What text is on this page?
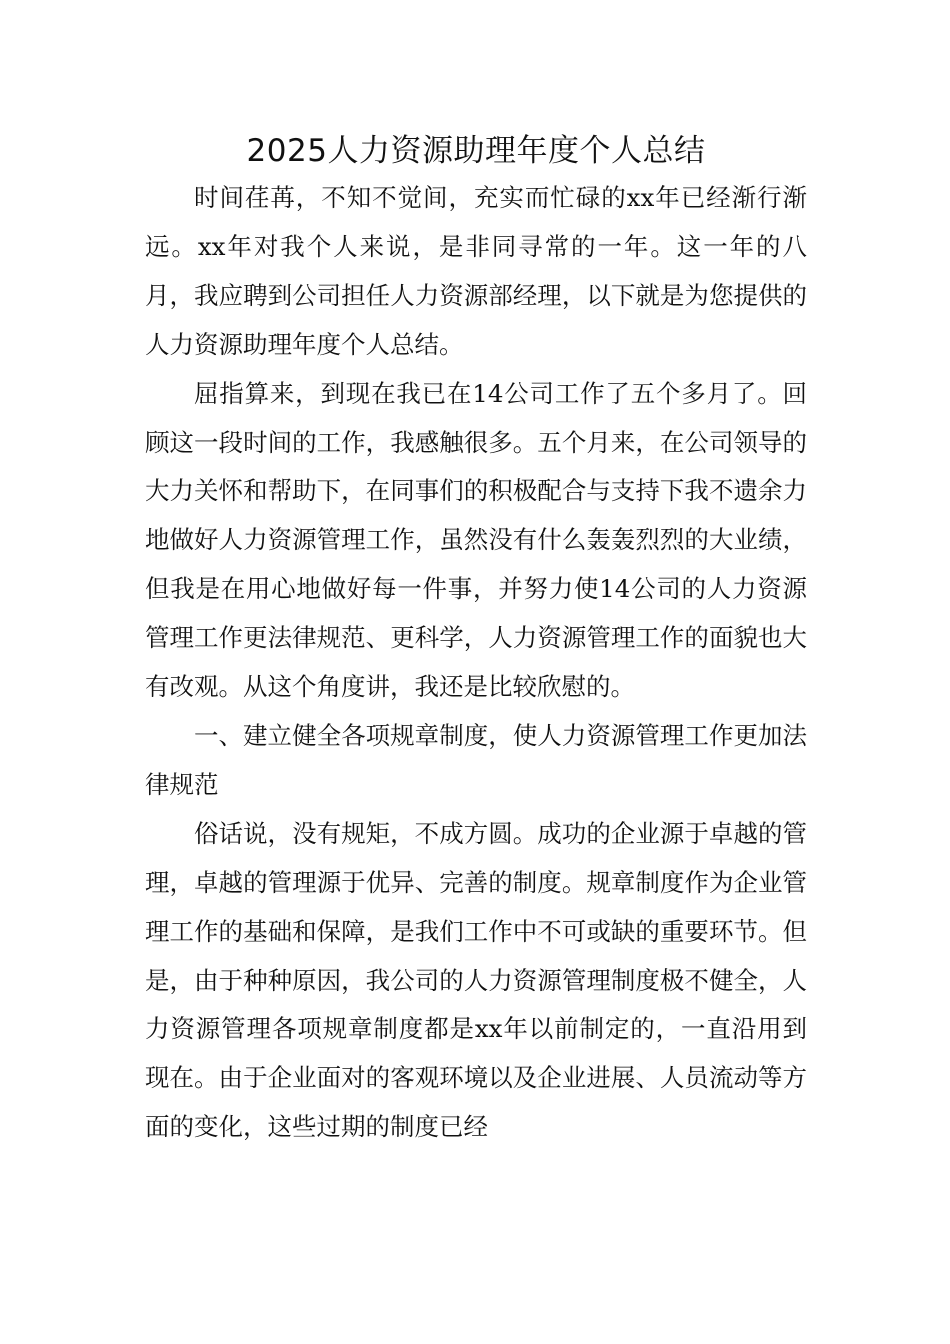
2025人力资源助理年度个人总结

时间荏苒，不知不觉间，充实而忙碌的xx年已经渐行渐远。xx年对我个人来说，是非同寻常的一年。这一年的八月，我应聘到公司担任人力资源部经理，以下就是为您提供的人力资源助理年度个人总结。

屈指算来，到现在我已在14公司工作了五个多月了。回顾这一段时间的工作，我感触很多。五个月来，在公司领导的大力关怀和帮助下，在同事们的积极配合与支持下我不遗余力地做好人力资源管理工作，虽然没有什么轰轰烈烈的大业绩，但我是在用心地做好每一件事，并努力使14公司的人力资源管理工作更法律规范、更科学，人力资源管理工作的面貌也大有改观。从这个角度讲，我还是比较欣慰的。

一、建立健全各项规章制度，使人力资源管理工作更加法律规范

俗话说，没有规矩，不成方圆。成功的企业源于卓越的管理，卓越的管理源于优异、完善的制度。规章制度作为企业管理工作的基础和保障，是我们工作中不可或缺的重要环节。但是，由于种种原因，我公司的人力资源管理制度极不健全，人力资源管理各项规章制度都是xx年以前制定的，一直沿用到现在。由于企业面对的客观环境以及企业进展、人员流动等方面的变化，这些过期的制度已经
